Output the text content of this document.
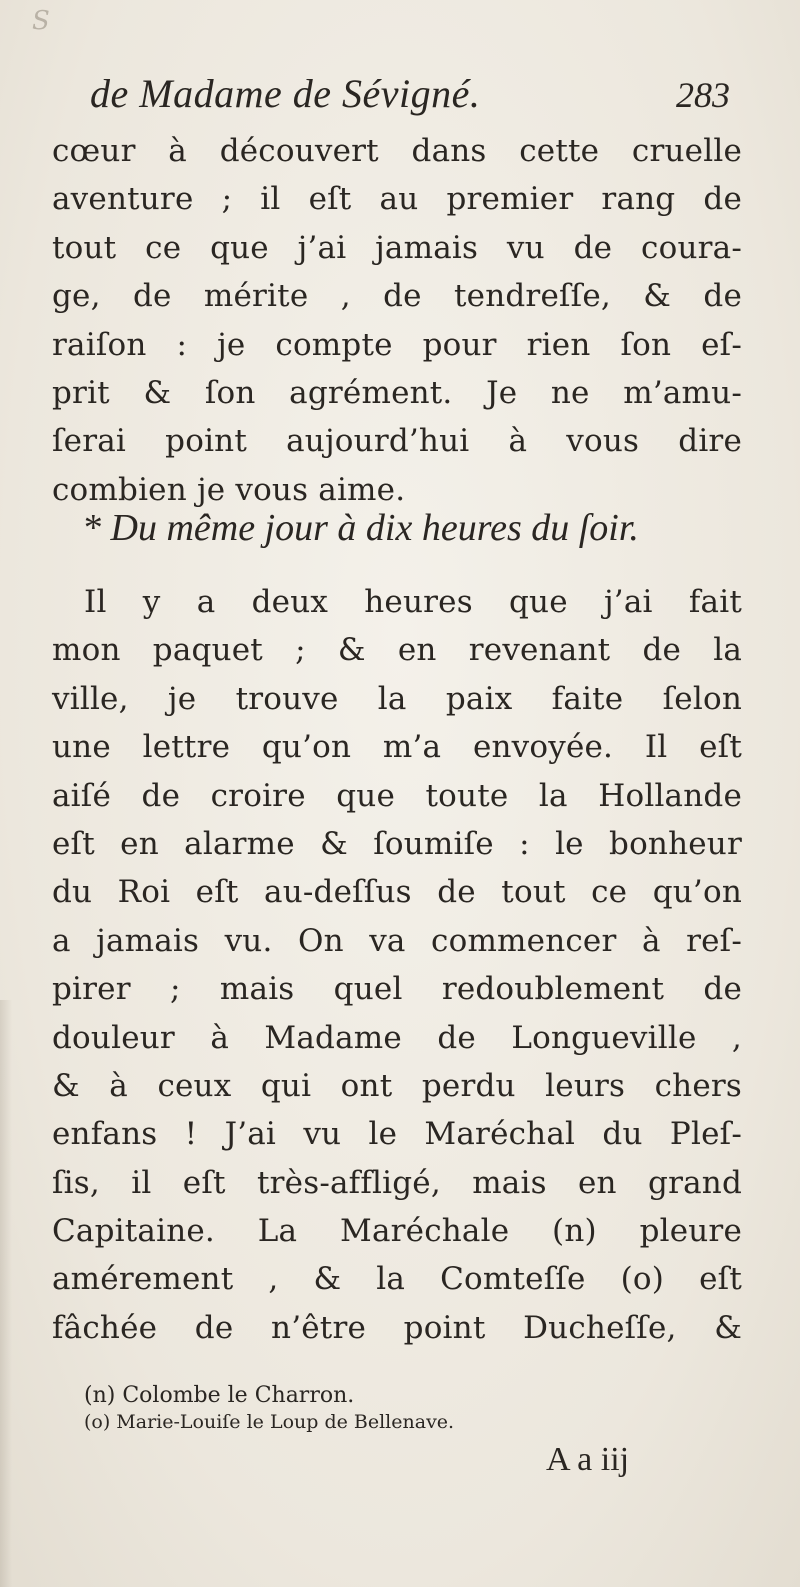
S
de Madame de Sévigné.	283
cœur à découvert dans cette cruelle
aventure ; il eſt au premier rang de
tout ce que j’ai jamais vu de coura-
ge, de mérite , de tendreſſe, & de
raiſon : je compte pour rien ſon eſ-
prit & ſon agrément. Je ne m’amu-
ſerai point aujourd’hui à vous dire
combien je vous aime.
* Du même jour à dix heures du ſoir.
Il y a deux heures que j’ai fait
mon paquet ; & en revenant de la
ville, je trouve la paix faite ſelon
une lettre qu’on m’a envoyée. Il eſt
aiſé de croire que toute la Hollande
eſt en alarme & ſoumiſe : le bonheur
du Roi eſt au-deſſus de tout ce qu’on
a jamais vu. On va commencer à reſ-
pirer ; mais quel redoublement de
douleur à Madame de Longueville ,
& à ceux qui ont perdu leurs chers
enfans ! J’ai vu le Maréchal du Pleſ-
ſis, il eſt très-affligé, mais en grand
Capitaine. La Maréchale (n) pleure
amérement , & la Comteſſe (o) eſt
fâchée de n’être point Ducheſſe, &
(n) Colombe le Charron.
(o) Marie-Louiſe le Loup de Bellenave.
A a iij
